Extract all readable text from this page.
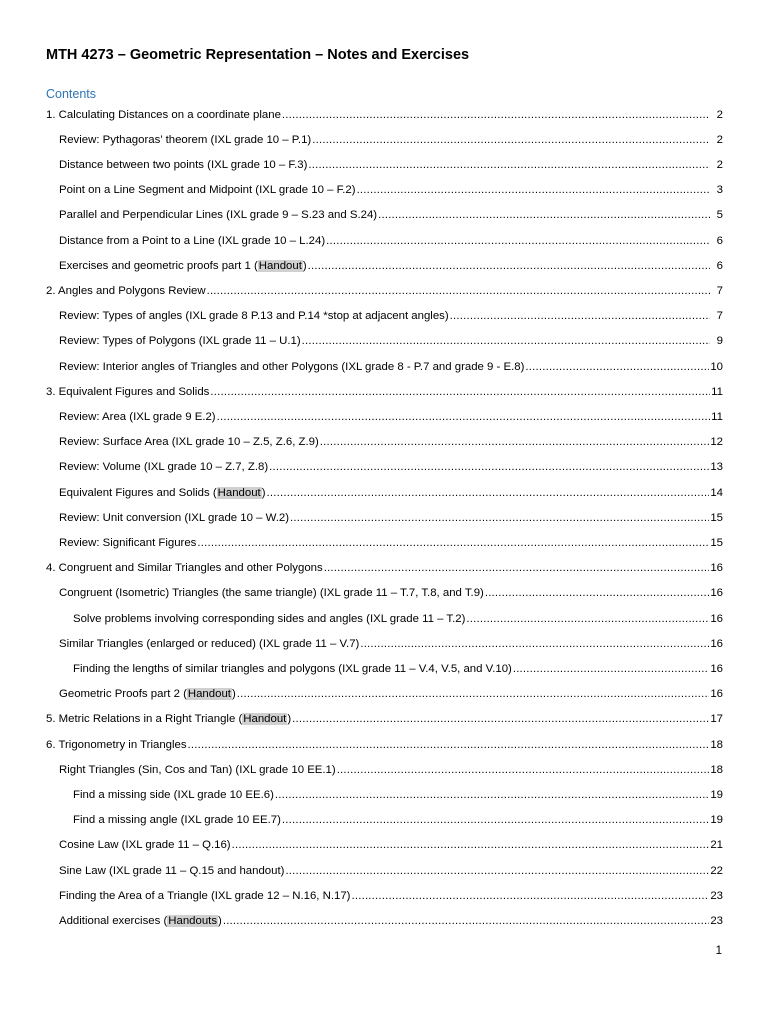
MTH 4273 – Geometric Representation – Notes and Exercises
Contents
1. Calculating Distances on a coordinate plane .....	2
Review: Pythagoras’ theorem (IXL grade 10 – P.1) .....	2
Distance between two points (IXL grade 10 – F.3) .....	2
Point on a Line Segment and Midpoint (IXL grade 10 – F.2) .....	3
Parallel and Perpendicular Lines (IXL grade 9 – S.23 and S.24) .....	5
Distance from a Point to a Line (IXL grade 10 – L.24) .....	6
Exercises and geometric proofs part 1 (Handout) .....	6
2. Angles and Polygons Review .....	7
Review: Types of angles (IXL grade 8 P.13 and P.14 *stop at adjacent angles) .....	7
Review: Types of Polygons (IXL grade 11 – U.1) .....	9
Review: Interior angles of Triangles and other Polygons (IXL grade 8 - P.7 and grade 9 - E.8) .....	10
3. Equivalent Figures and Solids .....	11
Review: Area (IXL grade 9 E.2) .....	11
Review: Surface Area (IXL grade 10 – Z.5, Z.6, Z.9) .....	12
Review: Volume (IXL grade 10 – Z.7, Z.8) .....	13
Equivalent Figures and Solids (Handout) .....	14
Review: Unit conversion (IXL grade 10 – W.2) .....	15
Review: Significant Figures .....	15
4. Congruent and Similar Triangles and other Polygons .....	16
Congruent (Isometric) Triangles (the same triangle) (IXL grade 11 – T.7, T.8, and T.9) .....	16
Solve problems involving corresponding sides and angles (IXL grade 11 – T.2) .....	16
Similar Triangles (enlarged or reduced) (IXL grade 11 – V.7) .....	16
Finding the lengths of similar triangles and polygons (IXL grade 11 – V.4, V.5, and V.10) .....	16
Geometric Proofs part 2 (Handout) .....	16
5. Metric Relations in a Right Triangle (Handout) .....	17
6. Trigonometry in Triangles .....	18
Right Triangles (Sin, Cos and Tan) (IXL grade 10 EE.1) .....	18
Find a missing side (IXL grade 10 EE.6) .....	19
Find a missing angle (IXL grade 10 EE.7) .....	19
Cosine Law (IXL grade 11 – Q.16) .....	21
Sine Law (IXL grade 11 – Q.15 and handout) .....	22
Finding the Area of a Triangle (IXL grade 12 – N.16, N.17) .....	23
Additional exercises (Handouts) .....	23
1
